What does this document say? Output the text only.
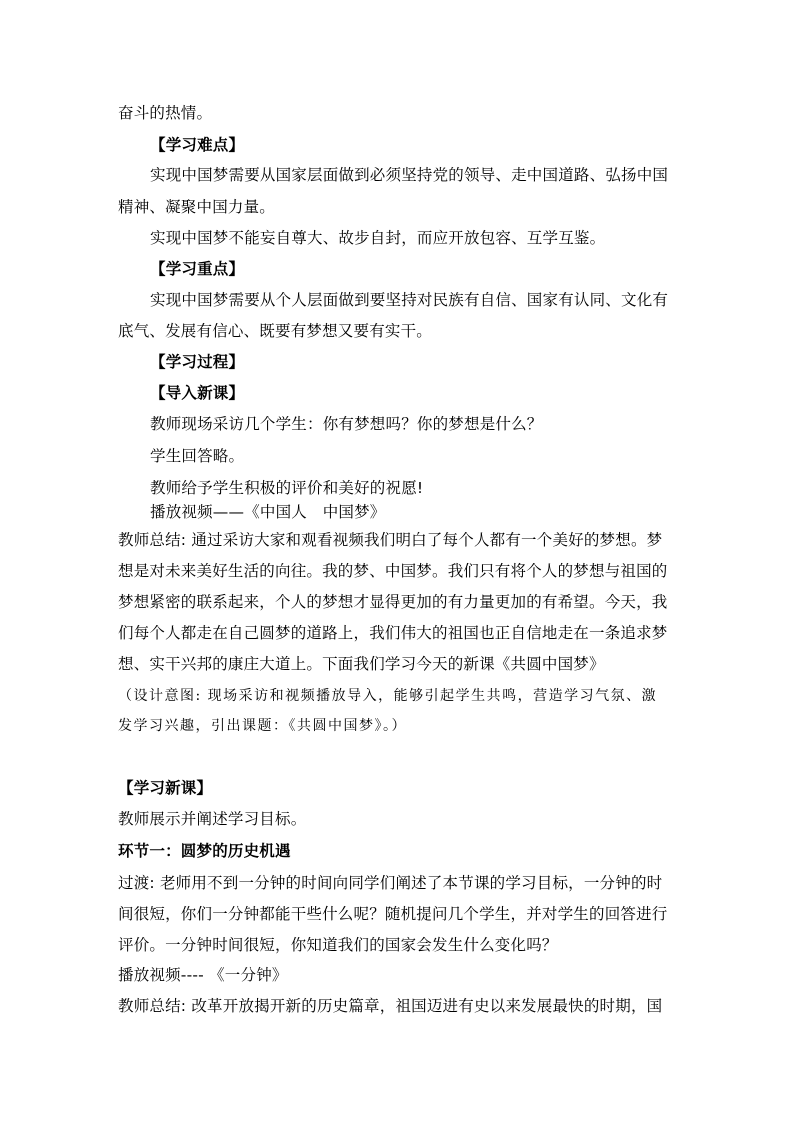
奋斗的热情。
【学习难点】
实现中国梦需要从国家层面做到必须坚持党的领导、走中国道路、弘扬中国
精神、凝聚中国力量。
实现中国梦不能妄自尊大、故步自封，而应开放包容、互学互鉴。
【学习重点】
实现中国梦需要从个人层面做到要坚持对民族有自信、国家有认同、文化有
底气、发展有信心、既要有梦想又要有实干。
【学习过程】
【导入新课】
教师现场采访几个学生：你有梦想吗？你的梦想是什么？
学生回答略。
教师给予学生积极的评价和美好的祝愿!
播放视频——《中国人　中国梦》
教师总结: 通过采访大家和观看视频我们明白了每个人都有一个美好的梦想。梦
想是对未来美好生活的向往。我的梦、中国梦。我们只有将个人的梦想与祖国的
梦想紧密的联系起来，个人的梦想才显得更加的有力量更加的有希望。今天，我
们每个人都走在自己圆梦的道路上，我们伟大的祖国也正自信地走在一条追求梦
想、实干兴邦的康庄大道上。下面我们学习今天的新课《共圆中国梦》
（设计意图: 现场采访和视频播放导入，能够引起学生共鸣，营造学习气氛、激
发学习兴趣，引出课题：《共圆中国梦》。）
【学习新课】
教师展示并阐述学习目标。
环节一：圆梦的历史机遇
过渡: 老师用不到一分钟的时间向同学们阐述了本节课的学习目标，一分钟的时
间很短，你们一分钟都能干些什么呢？随机提问几个学生，并对学生的回答进行
评价。一分钟时间很短，你知道我们的国家会发生什么变化吗？
播放视频---- 《一分钟》
教师总结: 改革开放揭开新的历史篇章，祖国迈进有史以来发展最快的时期，国
